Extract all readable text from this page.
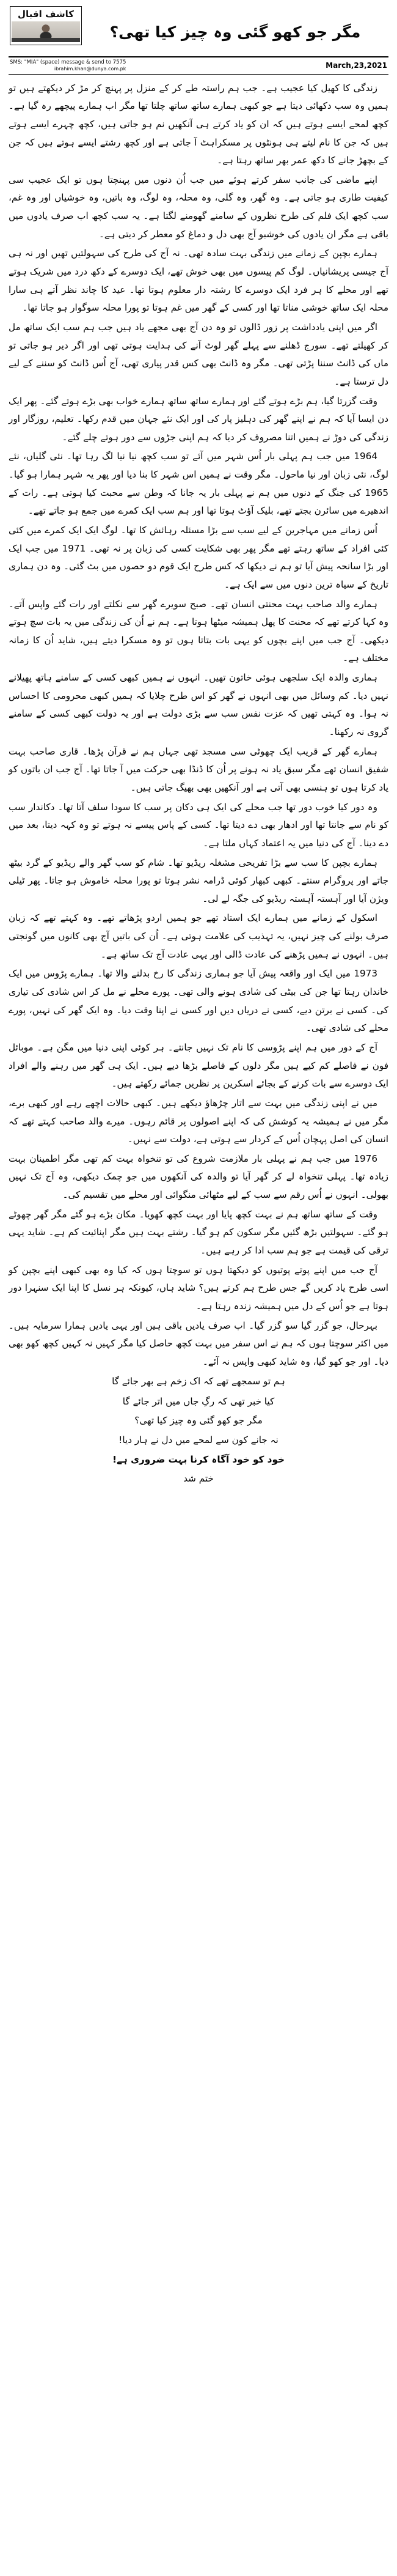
کاشف اقبال
مگر جو کھو گئی وہ چیز کیا تھی؟
March,23,2021
SMS: "MIA" (space) message & send to 7575
ibrahim.khan@dunya.com.pk

زندگی کا کھیل کیا عجیب ہے۔ جب ہم راستہ طے کر کے منزل پر پہنچ کر مڑ کر دیکھتے ہیں تو ہمیں وہ سب دکھائی دیتا ہے جو کبھی ہمارے ساتھ ساتھ چلتا تھا مگر اب ہمارے پیچھے رہ گیا ہے۔ کچھ لمحے ایسے ہوتے ہیں کہ ان کو یاد کرتے ہی آنکھیں نم ہو جاتی ہیں، کچھ چہرے ایسے ہوتے ہیں کہ جن کا نام لیتے ہی ہونٹوں پر مسکراہٹ آ جاتی ہے اور کچھ رشتے ایسے ہوتے ہیں کہ جن کے بچھڑ جانے کا دکھ عمر بھر ساتھ رہتا ہے۔

اپنے ماضی کی جانب سفر کرتے ہوئے میں جب اُن دنوں میں پہنچتا ہوں تو ایک عجیب سی کیفیت طاری ہو جاتی ہے۔ وہ گھر، وہ گلی، وہ محلہ، وہ لوگ، وہ باتیں، وہ خوشیاں اور وہ غم، سب کچھ ایک فلم کی طرح نظروں کے سامنے گھومنے لگتا ہے۔ یہ سب کچھ اب صرف یادوں میں باقی ہے مگر ان یادوں کی خوشبو آج بھی دل و دماغ کو معطر کر دیتی ہے۔

ہمارے بچپن کے زمانے میں زندگی بہت سادہ تھی۔ نہ آج کی طرح کی سہولتیں تھیں اور نہ ہی آج جیسی پریشانیاں۔ لوگ کم پیسوں میں بھی خوش تھے، ایک دوسرے کے دکھ درد میں شریک ہوتے تھے اور محلے کا ہر فرد ایک دوسرے کا رشتہ دار معلوم ہوتا تھا۔ عید کا چاند نظر آتے ہی سارا محلہ ایک ساتھ خوشی مناتا تھا اور کسی کے گھر میں غم ہوتا تو پورا محلہ سوگوار ہو جاتا تھا۔

اگر میں اپنی یادداشت پر زور ڈالوں تو وہ دن آج بھی مجھے یاد ہیں جب ہم سب ایک ساتھ مل کر کھیلتے تھے۔ سورج ڈھلنے سے پہلے گھر لوٹ آنے کی ہدایت ہوتی تھی اور اگر دیر ہو جاتی تو ماں کی ڈانٹ سننا پڑتی تھی۔ مگر وہ ڈانٹ بھی کس قدر پیاری تھی، آج اُس ڈانٹ کو سننے کے لیے دل ترستا ہے۔

وقت گزرتا گیا، ہم بڑے ہوتے گئے اور ہمارے ساتھ ساتھ ہمارے خواب بھی بڑے ہوتے گئے۔ پھر ایک دن ایسا آیا کہ ہم نے اپنے گھر کی دہلیز پار کی اور ایک نئے جہان میں قدم رکھا۔ تعلیم، روزگار اور زندگی کی دوڑ نے ہمیں اتنا مصروف کر دیا کہ ہم اپنی جڑوں سے دور ہوتے چلے گئے۔

1964 میں جب ہم پہلی بار اُس شہر میں آئے تو سب کچھ نیا نیا لگ رہا تھا۔ نئی گلیاں، نئے لوگ، نئی زبان اور نیا ماحول۔ مگر وقت نے ہمیں اس شہر کا بنا دیا اور پھر یہ شہر ہمارا ہو گیا۔ 1965 کی جنگ کے دنوں میں ہم نے پہلی بار یہ جانا کہ وطن سے محبت کیا ہوتی ہے۔ رات کے اندھیرے میں سائرن بجتے تھے، بلیک آؤٹ ہوتا تھا اور ہم سب ایک کمرے میں جمع ہو جاتے تھے۔

اُس زمانے میں مہاجرین کے لیے سب سے بڑا مسئلہ رہائش کا تھا۔ لوگ ایک ایک کمرے میں کئی کئی افراد کے ساتھ رہتے تھے مگر پھر بھی شکایت کسی کی زبان پر نہ تھی۔ 1971 میں جب ایک اور بڑا سانحہ پیش آیا تو ہم نے دیکھا کہ کس طرح ایک قوم دو حصوں میں بٹ گئی۔ وہ دن ہماری تاریخ کے سیاہ ترین دنوں میں سے ایک ہے۔

ہمارے والد صاحب بہت محنتی انسان تھے۔ صبح سویرے گھر سے نکلتے اور رات گئے واپس آتے۔ وہ کہا کرتے تھے کہ محنت کا پھل ہمیشہ میٹھا ہوتا ہے۔ ہم نے اُن کی زندگی میں یہ بات سچ ہوتے دیکھی۔ آج جب میں اپنے بچوں کو یہی بات بتاتا ہوں تو وہ مسکرا دیتے ہیں، شاید اُن کا زمانہ مختلف ہے۔

ہماری والدہ ایک سلجھی ہوئی خاتون تھیں۔ انہوں نے ہمیں کبھی کسی کے سامنے ہاتھ پھیلانے نہیں دیا۔ کم وسائل میں بھی انہوں نے گھر کو اس طرح چلایا کہ ہمیں کبھی محرومی کا احساس نہ ہوا۔ وہ کہتی تھیں کہ عزت نفس سب سے بڑی دولت ہے اور یہ دولت کبھی کسی کے سامنے گروی نہ رکھنا۔

ہمارے گھر کے قریب ایک چھوٹی سی مسجد تھی جہاں ہم نے قرآن پڑھا۔ قاری صاحب بہت شفیق انسان تھے مگر سبق یاد نہ ہونے پر اُن کا ڈنڈا بھی حرکت میں آ جاتا تھا۔ آج جب ان باتوں کو یاد کرتا ہوں تو ہنسی بھی آتی ہے اور آنکھیں بھی بھیگ جاتی ہیں۔

وہ دور کیا خوب دور تھا جب محلے کی ایک ہی دکان پر سب کا سودا سلف آتا تھا۔ دکاندار سب کو نام سے جانتا تھا اور ادھار بھی دے دیتا تھا۔ کسی کے پاس پیسے نہ ہوتے تو وہ کہہ دیتا، بعد میں دے دینا۔ آج کی دنیا میں یہ اعتماد کہاں ملتا ہے۔

ہمارے بچپن کا سب سے بڑا تفریحی مشغلہ ریڈیو تھا۔ شام کو سب گھر والے ریڈیو کے گرد بیٹھ جاتے اور پروگرام سنتے۔ کبھی کبھار کوئی ڈرامہ نشر ہوتا تو پورا محلہ خاموش ہو جاتا۔ پھر ٹیلی ویژن آیا اور آہستہ آہستہ ریڈیو کی جگہ لے لی۔

اسکول کے زمانے میں ہمارے ایک استاد تھے جو ہمیں اردو پڑھاتے تھے۔ وہ کہتے تھے کہ زبان صرف بولنے کی چیز نہیں، یہ تہذیب کی علامت ہوتی ہے۔ اُن کی باتیں آج بھی کانوں میں گونجتی ہیں۔ انہوں نے ہمیں پڑھنے کی عادت ڈالی اور یہی عادت آج تک ساتھ ہے۔

1973 میں ایک اور واقعہ پیش آیا جو ہماری زندگی کا رخ بدلنے والا تھا۔ ہمارے پڑوس میں ایک خاندان رہتا تھا جن کی بیٹی کی شادی ہونے والی تھی۔ پورے محلے نے مل کر اس شادی کی تیاری کی۔ کسی نے برتن دیے، کسی نے دریاں دیں اور کسی نے اپنا وقت دیا۔ وہ ایک گھر کی نہیں، پورے محلے کی شادی تھی۔

آج کے دور میں ہم اپنے پڑوسی کا نام تک نہیں جانتے۔ ہر کوئی اپنی دنیا میں مگن ہے۔ موبائل فون نے فاصلے کم کیے ہیں مگر دلوں کے فاصلے بڑھا دیے ہیں۔ ایک ہی گھر میں رہنے والے افراد ایک دوسرے سے بات کرنے کے بجائے اسکرین پر نظریں جمائے رکھتے ہیں۔

میں نے اپنی زندگی میں بہت سے اتار چڑھاؤ دیکھے ہیں۔ کبھی حالات اچھے رہے اور کبھی برے، مگر میں نے ہمیشہ یہ کوشش کی کہ اپنے اصولوں پر قائم رہوں۔ میرے والد صاحب کہتے تھے کہ انسان کی اصل پہچان اُس کے کردار سے ہوتی ہے، دولت سے نہیں۔

1976 میں جب ہم نے پہلی بار ملازمت شروع کی تو تنخواہ بہت کم تھی مگر اطمینان بہت زیادہ تھا۔ پہلی تنخواہ لے کر گھر آیا تو والدہ کی آنکھوں میں جو چمک دیکھی، وہ آج تک نہیں بھولی۔ انہوں نے اُس رقم سے سب کے لیے مٹھائی منگوائی اور محلے میں تقسیم کی۔

وقت کے ساتھ ساتھ ہم نے بہت کچھ پایا اور بہت کچھ کھویا۔ مکان بڑے ہو گئے مگر گھر چھوٹے ہو گئے۔ سہولتیں بڑھ گئیں مگر سکون کم ہو گیا۔ رشتے بہت ہیں مگر اپنائیت کم ہے۔ شاید یہی ترقی کی قیمت ہے جو ہم سب ادا کر رہے ہیں۔

آج جب میں اپنے پوتے پوتیوں کو دیکھتا ہوں تو سوچتا ہوں کہ کیا وہ بھی کبھی اپنے بچپن کو اسی طرح یاد کریں گے جس طرح ہم کرتے ہیں؟ شاید ہاں، کیونکہ ہر نسل کا اپنا ایک سنہرا دور ہوتا ہے جو اُس کے دل میں ہمیشہ زندہ رہتا ہے۔

بہرحال، جو گزر گیا سو گزر گیا۔ اب صرف یادیں باقی ہیں اور یہی یادیں ہمارا سرمایہ ہیں۔ میں اکثر سوچتا ہوں کہ ہم نے اس سفر میں بہت کچھ حاصل کیا مگر کہیں نہ کہیں کچھ کھو بھی دیا۔ اور جو کھو گیا، وہ شاید کبھی واپس نہ آئے۔

ہم تو سمجھے تھے کہ اک زخم ہے بھر جائے گا

کیا خبر تھی کہ رگِ جاں میں اتر جائے گا

مگر جو کھو گئی وہ چیز کیا تھی؟

نہ جانے کون سے لمحے میں دل نے ہار دیا!

خود کو خود آگاہ کرنا بہت ضروری ہے!

ختم شد
